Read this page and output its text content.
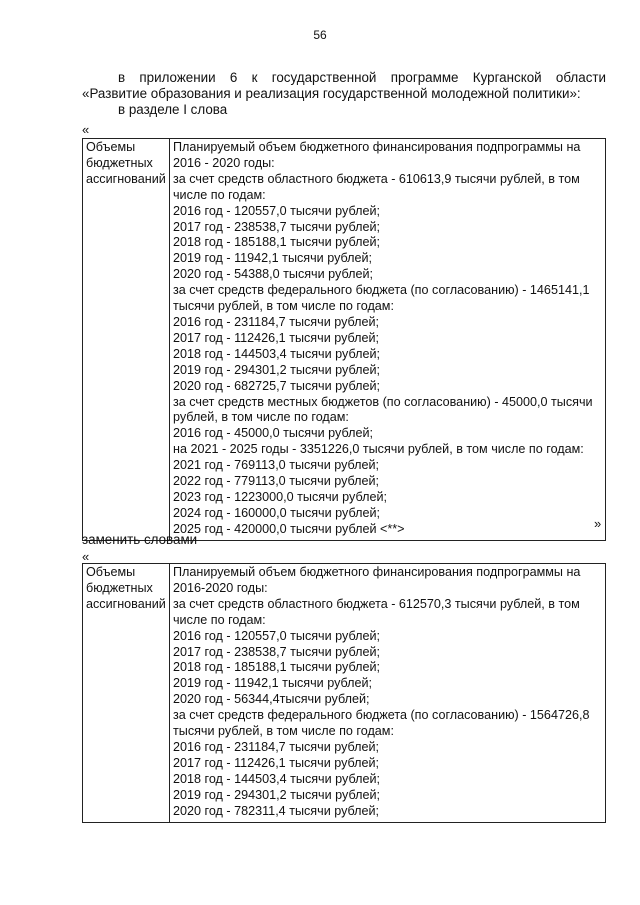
56
в приложении 6 к государственной программе Курганской области
«Развитие образования и реализация государственной молодежной политики»:
в разделе I слова
«
Объемы
бюджетных
ассигнований

Планируемый объем бюджетного финансирования подпрограммы на
2016 - 2020 годы:
за счет средств областного бюджета - 610613,9 тысячи рублей, в том
числе по годам:
2016 год - 120557,0 тысячи рублей;
2017 год - 238538,7 тысячи рублей;
2018 год - 185188,1 тысячи рублей;
2019 год - 11942,1 тысячи рублей;
2020 год - 54388,0 тысячи рублей;
за счет средств федерального бюджета (по согласованию) - 1465141,1
тысячи рублей, в том числе по годам:
2016 год - 231184,7 тысячи рублей;
2017 год - 112426,1 тысячи рублей;
2018 год - 144503,4 тысячи рублей;
2019 год - 294301,2 тысячи рублей;
2020 год - 682725,7 тысячи рублей;
за счет средств местных бюджетов (по согласованию) - 45000,0 тысячи
рублей, в том числе по годам:
2016 год - 45000,0 тысячи рублей;
на 2021 - 2025 годы - 3351226,0 тысячи рублей, в том числе по годам:
2021 год - 769113,0 тысячи рублей;
2022 год - 779113,0 тысячи рублей;
2023 год - 1223000,0 тысячи рублей;
2024 год - 160000,0 тысячи рублей;
2025 год - 420000,0 тысячи рублей <**>	»
заменить словами
«
Объемы
бюджетных
ассигнований

Планируемый объем бюджетного финансирования подпрограммы на
2016-2020 годы:
за счет средств областного бюджета - 612570,3 тысячи рублей, в том
числе по годам:
2016 год - 120557,0 тысячи рублей;
2017 год - 238538,7 тысячи рублей;
2018 год - 185188,1 тысячи рублей;
2019 год - 11942,1 тысячи рублей;
2020 год - 56344,4тысячи рублей;
за счет средств федерального бюджета (по согласованию) - 1564726,8
тысячи рублей, в том числе по годам:
2016 год - 231184,7 тысячи рублей;
2017 год - 112426,1 тысячи рублей;
2018 год - 144503,4 тысячи рублей;
2019 год - 294301,2 тысячи рублей;
2020 год - 782311,4 тысячи рублей;
